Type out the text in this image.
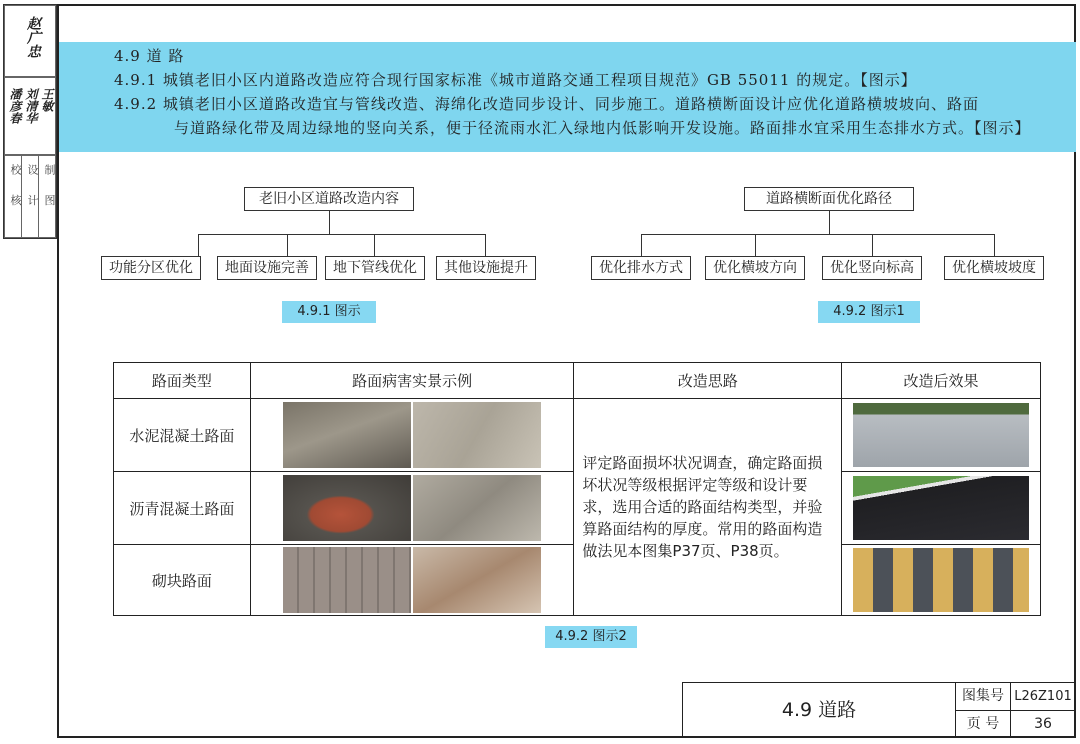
赵广忠
潘彦春 刘清华 王敏
校 核 设 计 制 图

4.9 道 路

4.9.1 城镇老旧小区内道路改造应符合现行国家标准《城市道路交通工程项目规范》GB 55011 的规定。【图示】

4.9.2 城镇老旧小区道路改造宜与管线改造、海绵化改造同步设计、同步施工。道路横断面设计应优化道路横坡坡向、路面

与道路绿化带及周边绿地的竖向关系，便于径流雨水汇入绿地内低影响开发设施。路面排水宜采用生态排水方式。【图示】

老旧小区道路改造内容
功能分区优化	地面设施完善	地下管线优化	其他设施提升
4.9.1 图示
道路横断面优化路径
优化排水方式	优化横坡方向	优化竖向标高	优化横坡坡度
4.9.2 图示1
路面类型	路面病害实景示例	改造思路	改造后效果
水泥混凝土路面		评定路面损坏状况调查，确定路面损坏状况等级根据评定等级和设计要求，选用合适的路面结构类型，并验算路面结构的厚度。常用的路面构造做法见本图集P37页、P38页。	
沥青混凝土路面			
砌块路面			
4.9.2 图示2
4.9 道路
图集号 L26Z101
页 号	36
